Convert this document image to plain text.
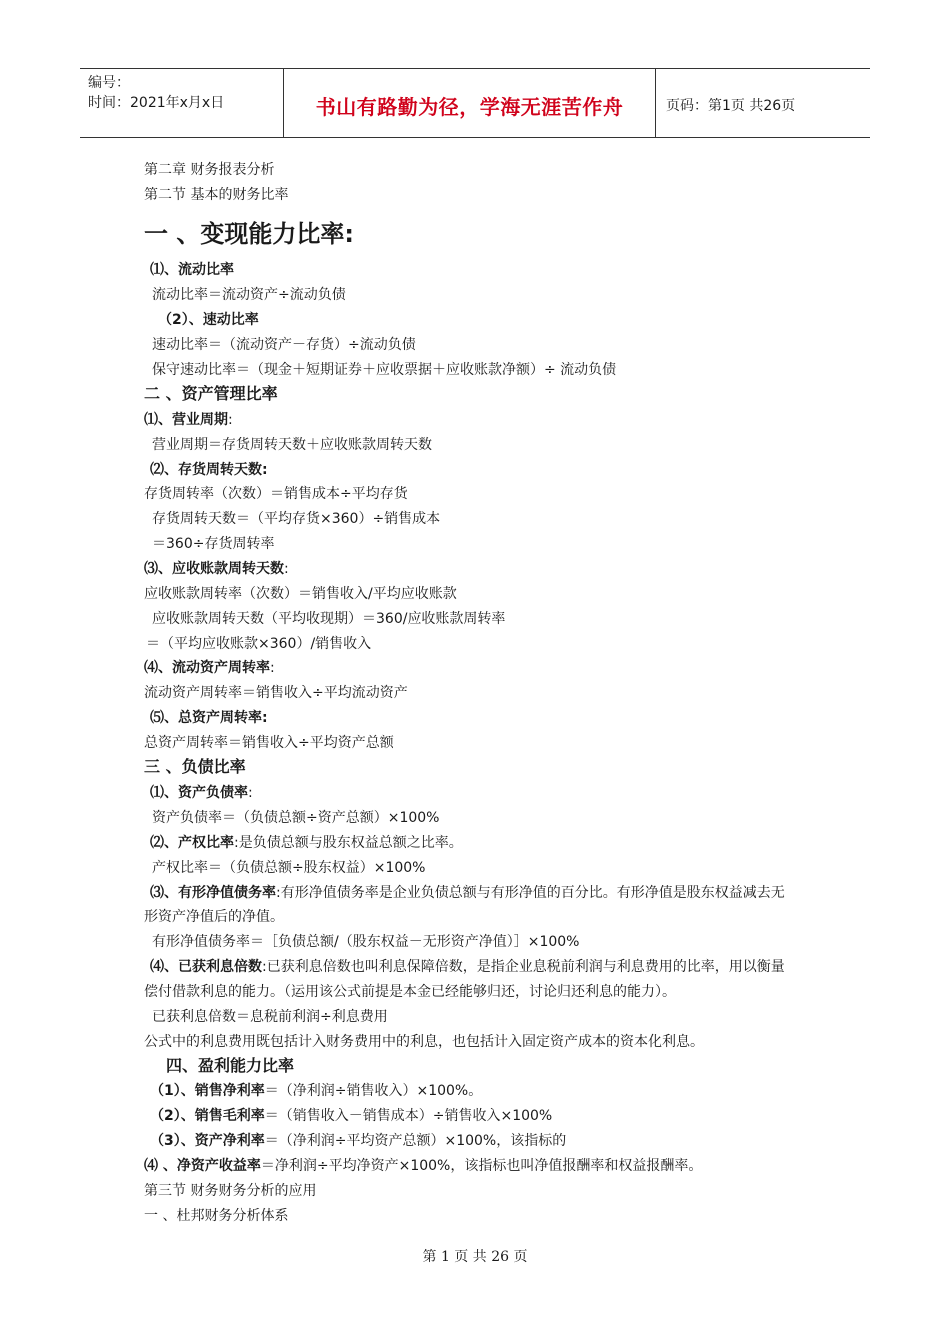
编号：
时间：2021年x月x日	书山有路勤为径，学海无涯苦作舟	页码：第1页 共26页
第二章 财务报表分析
第二节 基本的财务比率
一 、变现能力比率:
⑴、流动比率
流动比率＝流动资产÷流动负债
（2）、速动比率
速动比率＝（流动资产－存货）÷流动负债
保守速动比率＝（现金＋短期证券＋应收票据＋应收账款净额）÷ 流动负债
二 、资产管理比率
⑴、营业周期:
营业周期＝存货周转天数＋应收账款周转天数
⑵、存货周转天数:
存货周转率（次数）＝销售成本÷平均存货
存货周转天数＝（平均存货×360）÷销售成本
＝360÷存货周转率
⑶、应收账款周转天数:
应收账款周转率（次数）＝销售收入/平均应收账款
应收账款周转天数（平均收现期）＝360/应收账款周转率
＝（平均应收账款×360）/销售收入
⑷、流动资产周转率:
流动资产周转率＝销售收入÷平均流动资产
⑸、总资产周转率:
总资产周转率＝销售收入÷平均资产总额
三 、负债比率
⑴、资产负债率:
资产负债率＝（负债总额÷资产总额）×100%
⑵、产权比率:是负债总额与股东权益总额之比率。
产权比率＝（负债总额÷股东权益）×100%
⑶、有形净值债务率:有形净值债务率是企业负债总额与有形净值的百分比。有形净值是股东权益减去无
形资产净值后的净值。
有形净值债务率＝［负债总额/（股东权益－无形资产净值）］×100%
⑷、已获利息倍数:已获利息倍数也叫利息保障倍数，是指企业息税前利润与利息费用的比率，用以衡量
偿付借款利息的能力。（运用该公式前提是本金已经能够归还，讨论归还利息的能力）。
已获利息倍数＝息税前利润÷利息费用
公式中的利息费用既包括计入财务费用中的利息，也包括计入固定资产成本的资本化利息。
四、盈利能力比率
（1）、销售净利率＝（净利润÷销售收入）×100%。
（2）、销售毛利率＝（销售收入－销售成本）÷销售收入×100%
（3）、资产净利率＝（净利润÷平均资产总额）×100%，该指标的
⑷ 、净资产收益率＝净利润÷平均净资产×100%，该指标也叫净值报酬率和权益报酬率。
第三节 财务财务分析的应用
一 、杜邦财务分析体系
第 1 页 共 26 页
